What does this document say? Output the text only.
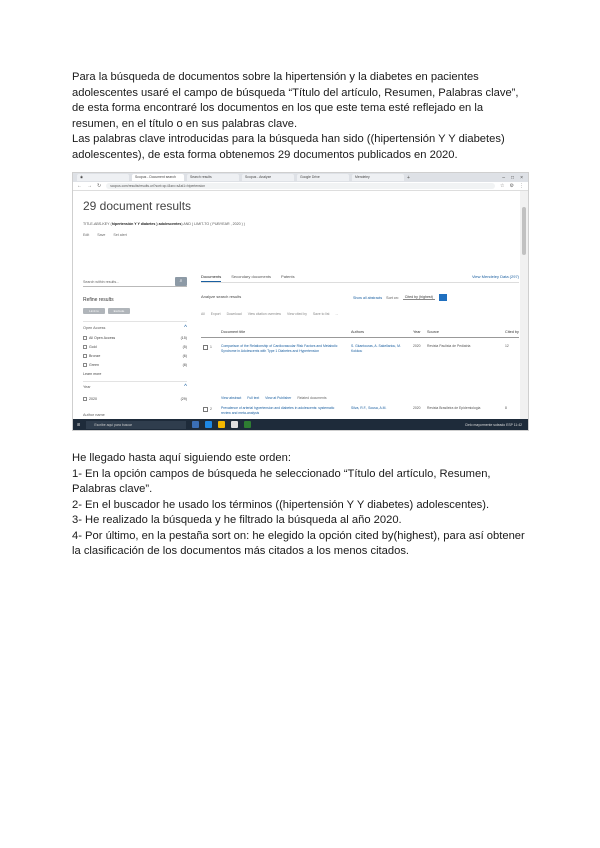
Para la búsqueda de documentos sobre la hipertensión y la diabetes en pacientes
adolescentes usaré el campo de búsqueda “Título del artículo, Resumen, Palabras clave”,
de esta forma encontraré los documentos en los que este tema esté reflejado en la
resumen, en el título o en sus palabras clave.
Las palabras clave introducidas para la búsqueda han sido ((hipertensión Y Y diabetes)
adolescentes), de esta forma obtenemos 29 documentos publicados en 2020.
◉	Scopus - Document search	Search results	Scopus - Analyze	Google Drive	Mendeley	+	– □ ×
← → ↻	scopus.com/results/results.uri?sort=cp-f&src=s&st1=hipertension	☆ ⚙ ⋮
29 document results
TITLE-ABS-KEY (hipertensión Y Y diabetes ) adolescentes) AND ( LIMIT-TO ( PUBYEAR , 2020 ) )
Edit Save Set alert
Search within results...	⌕
Refine results
Limit to	Exclude
Open Access	^
All Open Access	(15)
Gold	(5)
Bronze	(6)
Green	(8)
Learn more
Year	^
2020	(29)
Author name
Documents	Secondary documents	Patents	View Mendeley Data (297)
Analyze search results	Show all abstracts Sort on:	Cited by (highest)
All Export Download View citation overview View cited by Save to list ...
Document title	Authors	Year Source	Cited by
1	Comparison of the Relationship of Cardiovascular Risk Factors and Metabolic Syndrome in Adolescents with Type 1 Diabetes and Hypertension
S. Gkantouras, A. Sakellariou, M. Kokkou
2020 Revista Paulista de Pediatria	12
View abstract Full text View at Publisher Related documents
2	Prevalence of arterial hypertension and diabetes in adolescents: systematic review and meta-analysis
Silva, R.F., Sousa, A.M.	2020 Revista Brasileira de Epidemiologia	8
⊞	Escribe aquí para buscar	Cielo mayormente soleado ESP 11:42
He llegado hasta aquí siguiendo este orden:
1- En la opción campos de búsqueda he seleccionado “Título del artículo, Resumen,
Palabras clave”.
2- En el buscador he usado los términos ((hipertensión Y Y diabetes) adolescentes).
3- He realizado la búsqueda y he filtrado la búsqueda al año 2020.
4- Por último, en la pestaña sort on: he elegido la opción cited by(highest), para así obtener
la clasificación de los documentos más citados a los menos citados.
